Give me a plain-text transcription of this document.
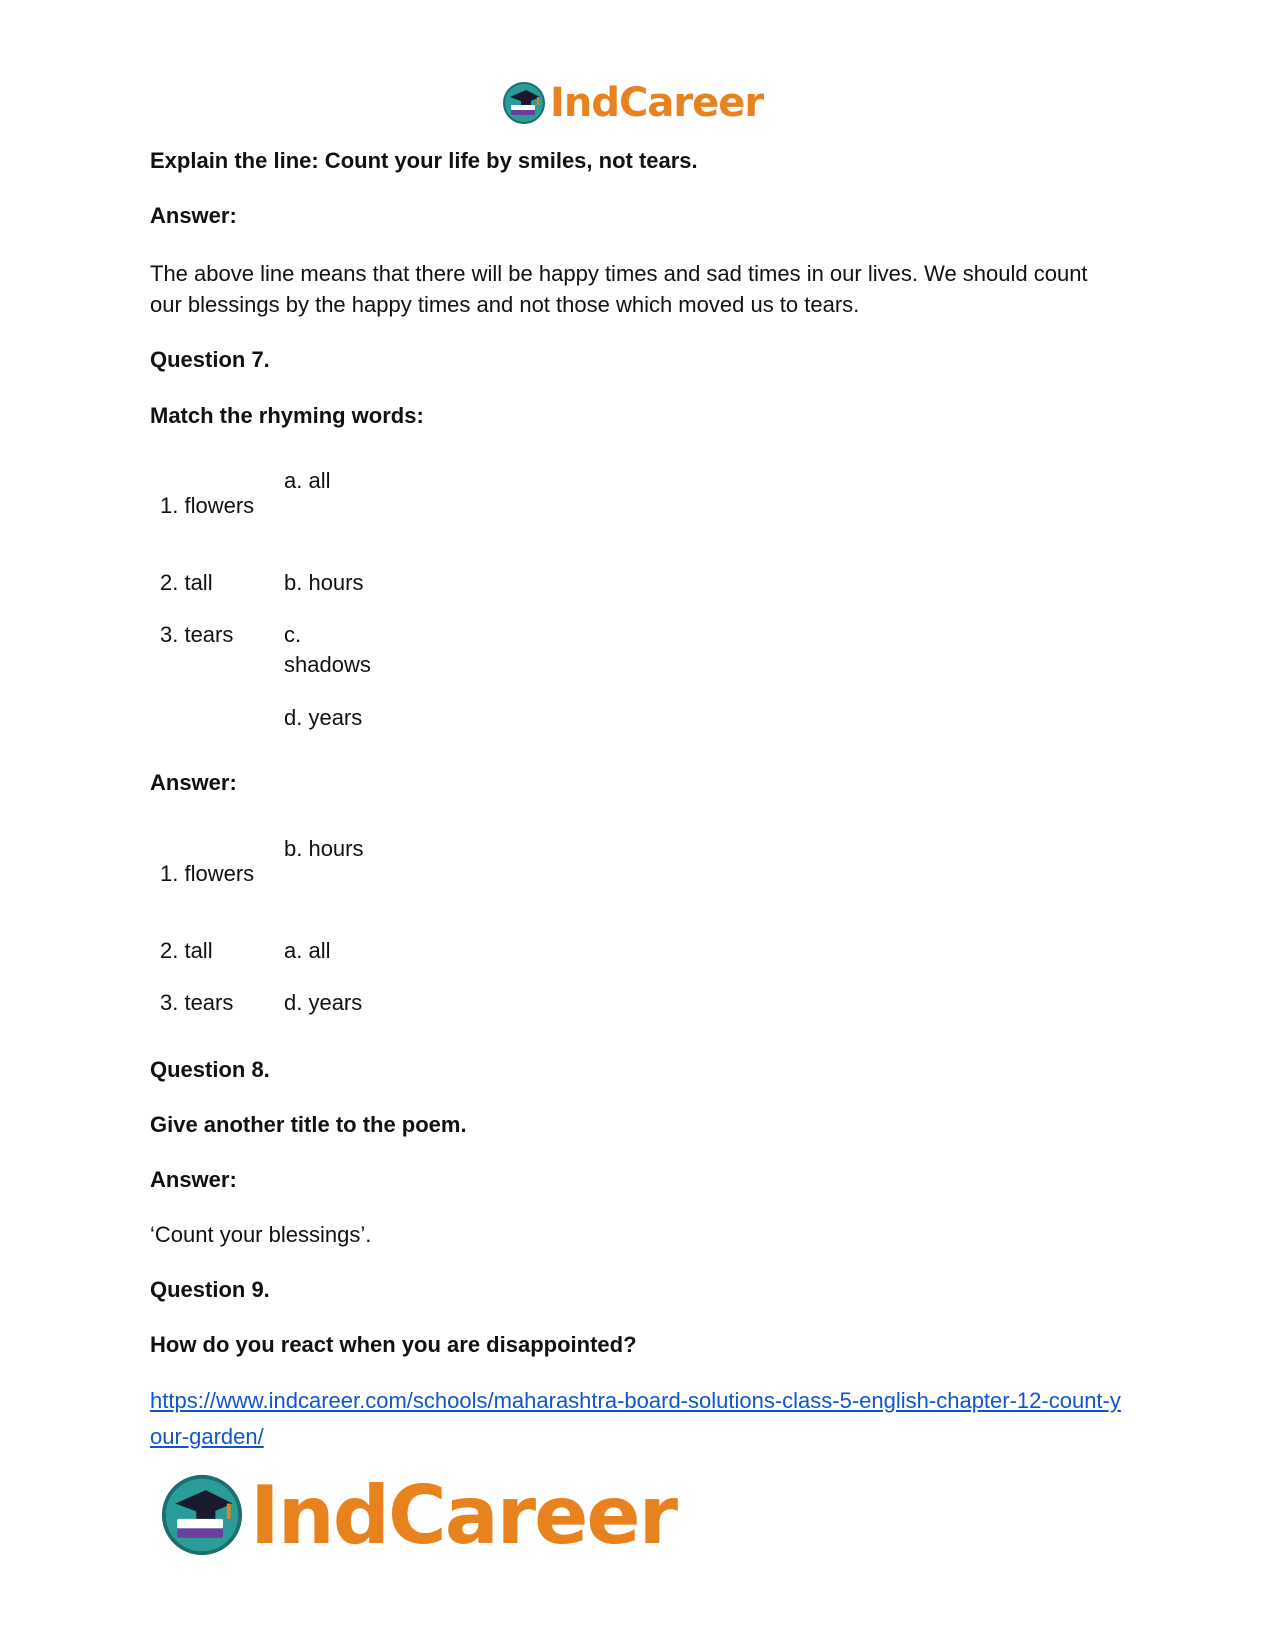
IndCareer

Explain the line: Count your life by smiles, not tears.

Answer:

The above line means that there will be happy times and sad times in our lives. We should count our blessings by the happy times and not those which moved us to tears.

Question 7.

Match the rhyming words:

a. all

1. flowers

2. tall	b. hours

3. tears c.

shadows

d. years

Answer:

b. hours

1. flowers

2. tall	a. all

3. tears d. years

Question 8.

Give another title to the poem.

Answer:

‘Count your blessings’.

Question 9.

How do you react when you are disappointed?

https://www.indcareer.com/schools/maharashtra-board-solutions-class-5-english-chapter-12-count-your-garden/
IndCareer
